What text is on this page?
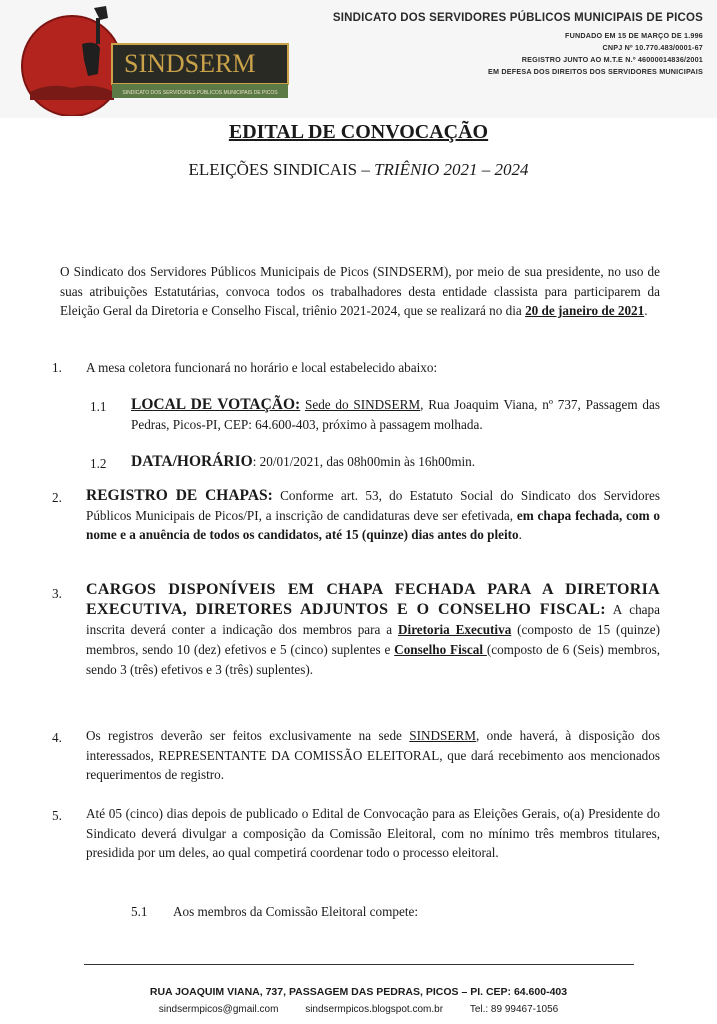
SINDSERM
SINDICATO DOS SERVIDORES PÚBLICOS MUNICIPAIS DE PICOS
SINDICATO DOS SERVIDORES PÚBLICOS MUNICIPAIS DE PICOS
FUNDADO EM 15 DE MARÇO DE 1.996
CNPJ Nº 10.770.483/0001-67
REGISTRO JUNTO AO M.T.E N.º 46000014836/2001
EM DEFESA DOS DIREITOS DOS SERVIDORES MUNICIPAIS
EDITAL DE CONVOCAÇÃO
ELEIÇÕES SINDICAIS – TRIÊNIO 2021 – 2024
O Sindicato dos Servidores Públicos Municipais de Picos (SINDSERM), por meio de sua presidente, no uso de suas atribuições Estatutárias, convoca todos os trabalhadores desta entidade classista para participarem da Eleição Geral da Diretoria e Conselho Fiscal, triênio 2021-2024, que se realizará no dia 20 de janeiro de 2021.
1. A mesa coletora funcionará no horário e local estabelecido abaixo:
1.1 LOCAL DE VOTAÇÃO: Sede do SINDSERM, Rua Joaquim Viana, nº 737, Passagem das Pedras, Picos-PI, CEP: 64.600-403, próximo à passagem molhada.
1.2 DATA/HORÁRIO: 20/01/2021, das 08h00min às 16h00min.
2. REGISTRO DE CHAPAS: Conforme art. 53, do Estatuto Social do Sindicato dos Servidores Públicos Municipais de Picos/PI, a inscrição de candidaturas deve ser efetivada, em chapa fechada, com o nome e a anuência de todos os candidatos, até 15 (quinze) dias antes do pleito.
3. CARGOS DISPONÍVEIS EM CHAPA FECHADA PARA A DIRETORIA EXECUTIVA, DIRETORES ADJUNTOS E O CONSELHO FISCAL: A chapa inscrita deverá conter a indicação dos membros para a Diretoria Executiva (composto de 15 (quinze) membros, sendo 10 (dez) efetivos e 5 (cinco) suplentes e Conselho Fiscal (composto de 6 (Seis) membros, sendo 3 (três) efetivos e 3 (três) suplentes).
4. Os registros deverão ser feitos exclusivamente na sede SINDSERM, onde haverá, à disposição dos interessados, REPRESENTANTE DA COMISSÃO ELEITORAL, que dará recebimento aos mencionados requerimentos de registro.
5. Até 05 (cinco) dias depois de publicado o Edital de Convocação para as Eleições Gerais, o(a) Presidente do Sindicato deverá divulgar a composição da Comissão Eleitoral, com no mínimo três membros titulares, presidida por um deles, ao qual competirá coordenar todo o processo eleitoral.
5.1 Aos membros da Comissão Eleitoral compete:
RUA JOAQUIM VIANA, 737, PASSAGEM DAS PEDRAS, PICOS – PI. CEP: 64.600-403
sindsermpicos@gmail.com	sindsermpicos.blogspot.com.br	Tel.: 89 99467-1056
